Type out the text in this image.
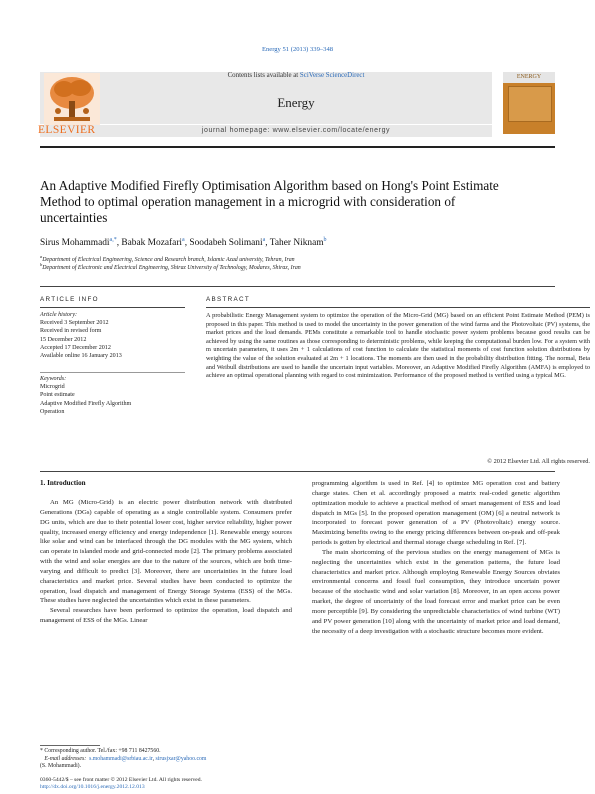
Energy 51 (2013) 339–348
Contents lists available at SciVerse ScienceDirect
Energy
journal homepage: www.elsevier.com/locate/energy
ELSEVIER
ENERGY
An Adaptive Modified Firefly Optimisation Algorithm based on Hong's Point Estimate Method to optimal operation management in a microgrid with consideration of uncertainties
Sirus Mohammadi$^{a,*}$, Babak Mozafari$^a$, Soodabeh Solimani$^a$, Taher Niknam$^b$
$^a$Department of Electrical Engineering, Science and Research branch, Islamic Azad university, Tehran, Iran
$^b$Department of Electronic and Electrical Engineering, Shiraz University of Technology, Modares, Shiraz, Iran
ARTICLE INFO
Article history:
Received 3 September 2012
Received in revised form
15 December 2012
Accepted 17 December 2012
Available online 16 January 2013
Keywords:
Microgrid
Point estimate
Adaptive Modified Firefly Algorithm
Operation
ABSTRACT
A probabilistic Energy Management system to optimize the operation of the Micro-Grid (MG) based on an efficient Point Estimate Method (PEM) is proposed in this paper. This method is used to model the uncertainty in the power generation of the wind farms and the Photovoltaic (PV) systems, the market prices and the load demands. PEMs constitute a remarkable tool to handle stochastic power system problems because good results can be achieved by using the same routines as those corresponding to deterministic problems, while keeping the computational burden low. For a system with m uncertain parameters, it uses 2m + 1 calculations of cost function to calculate the statistical moments of cost function solution distributions by weighting the value of the solution evaluated at 2m + 1 locations. The moments are then used in the probability distribution fitting. The normal, Beta and Weibull distributions are used to handle the uncertain input variables. Moreover, an Adaptive Modified Firefly Algorithm (AMFA) is employed to achieve an optimal operational planning with regard to cost minimization. Performance of the proposed method is verified using a typical MG.
© 2012 Elsevier Ltd. All rights reserved.
1. Introduction

An MG (Micro-Grid) is an electric power distribution network with distributed Generations (DGs) capable of operating as a single controllable system. Consumers prefer DG units, which are due to their potential lower cost, higher service reliability, higher power quality, increased energy efficiency and energy independence [1]. Renewable energy sources like solar and wind can be interfaced through the DG modules with the MG system, which can operate in islanded mode and grid-connected mode [2]. The primary problems associated with the wind and solar energies are due to the nature of the sources, which are both time-varying and difficult to predict [3]. Moreover, there are uncertainties in the future load characteristics and market price. Several studies have been conducted to optimize the operation, load dispatch and management of Energy Storage Systems (ESS) of the MGs. These studies have neglected the uncertainties which exist in these parameters.

Several researches have been performed to optimize the operation, load dispatch and management of ESS of the MGs. Linear

programming algorithm is used in Ref. [4] to optimize MG operation cost and battery charge states. Chen et al. accordingly proposed a matrix real-coded genetic algorithm optimization module to achieve a practical method of smart management of ESS and load dispatch in MGs [5]. In the proposed operation management (OM) [6] a neutral network is incorporated to forecast power generation of a PV (Photovoltaic) energy source. Maximizing benefits owing to the energy pricing differences between on-peak and off-peak periods is gotten by electrical and thermal storage charge scheduling in Ref. [7].

The main shortcoming of the pervious studies on the energy management of MGs is neglecting the uncertainties which exist in the generation patterns, the future load characteristics and market price. Although employing Renewable Energy Sources obviates environmental concerns and fossil fuel consumption, they introduce uncertain power because of the stochastic wind and solar variation [8]. Moreover, in an open access power market, the degree of uncertainty of the load forecast error and market price can be even more perceptible [9]. By considering the unpredictable characteristics of wind turbine (WT) and PV power generation [10] along with the uncertainty of market price and load demand, the necessity of a deep investigation with a stochastic structure becomes more evident.

* Corresponding author. Tel./fax: +98 711 8427560.
E-mail addresses: s.mohammadi@srbiau.ac.ir, sirusjxar@yahoo.com
(S. Mohammadi).
0360-5442/$ – see front matter © 2012 Elsevier Ltd. All rights reserved.
http://dx.doi.org/10.1016/j.energy.2012.12.013
